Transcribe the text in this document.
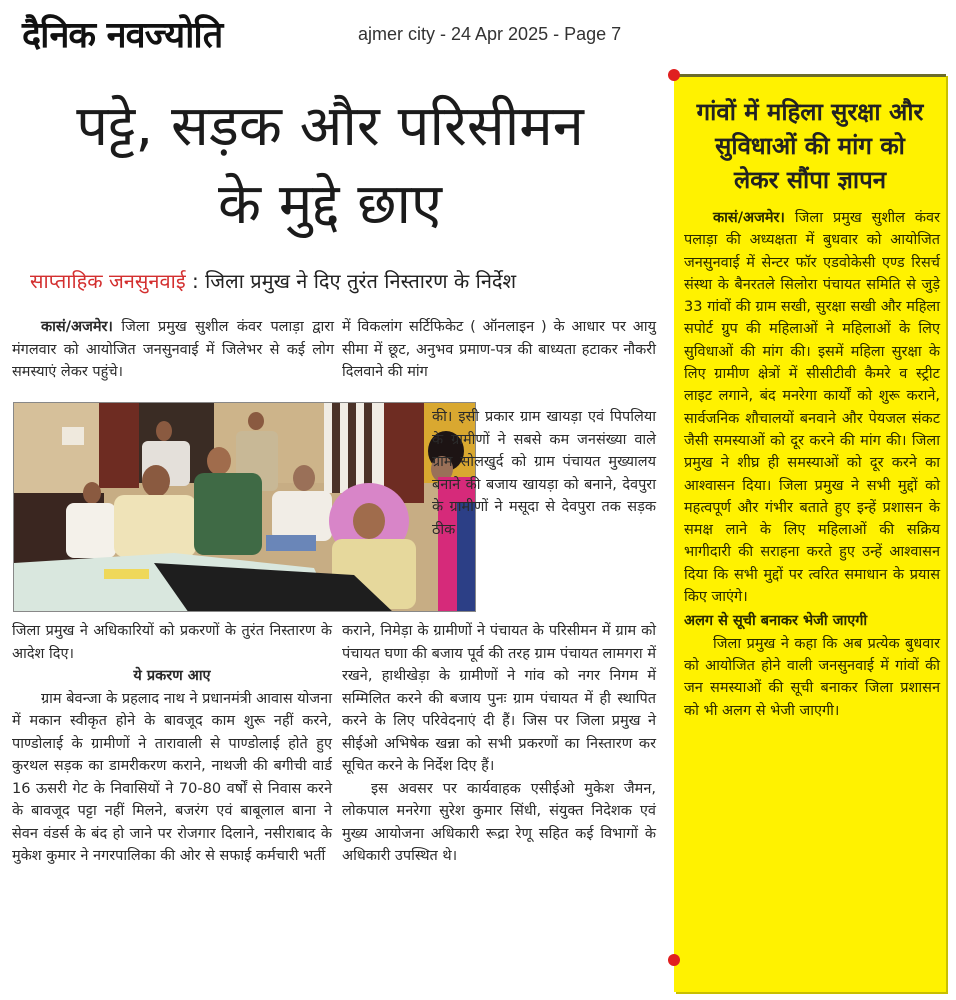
दैनिक नवज्योति	ajmer city - 24 Apr 2025 - Page 7
पट्टे, सड़क और परिसीमन
के मुद्दे छाए
साप्ताहिक जनसुनवाई : जिला प्रमुख ने दिए तुरंत निस्तारण के निर्देश

कासं/अजमेर। जिला प्रमुख सुशील कंवर पलाड़ा द्वारा मंगलवार को आयोजित जनसुनवाई में जिलेभर से कई लोग समस्याएं लेकर पहुंचे।

में विकलांग सर्टिफिकेट ( ऑनलाइन ) के आधार पर आयु सीमा में छूट, अनुभव प्रमाण-पत्र की बाध्यता हटाकर नौकरी दिलवाने की मांग

की। इसी प्रकार ग्राम खायड़ा एवं पिपलिया के ग्रामीणों ने सबसे कम जनसंख्या वाले ग्राम सोलखुर्द को ग्राम पंचायत मुख्यालय बनाने की बजाय खायड़ा को बनाने, देवपुरा के ग्रामीणों ने मसूदा से देवपुरा तक सड़क ठीक

जिला प्रमुख ने अधिकारियों को प्रकरणों के तुरंत निस्तारण के आदेश दिए।

ये प्रकरण आए

ग्राम बेवन्जा के प्रहलाद नाथ ने प्रधानमंत्री आवास योजना में मकान स्वीकृत होने के बावजूद काम शुरू नहीं करने, पाण्डोलाई के ग्रामीणों ने तारावाली से पाण्डोलाई होते हुए कुरथल सड़क का डामरीकरण कराने, नाथजी की बगीची वार्ड 16 ऊसरी गेट के निवासियों ने 70-80 वर्षों से निवास करने के बावजूद पट्टा नहीं मिलने, बजरंग एवं बाबूलाल बाना ने सेवन वंडर्स के बंद हो जाने पर रोजगार दिलाने, नसीराबाद के मुकेश कुमार ने नगरपालिका की ओर से सफाई कर्मचारी भर्ती

कराने, निमेड़ा के ग्रामीणों ने पंचायत के परिसीमन में ग्राम को पंचायत घणा की बजाय पूर्व की तरह ग्राम पंचायत लामगरा में रखने, हाथीखेड़ा के ग्रामीणों ने गांव को नगर निगम में सम्मिलित करने की बजाय पुनः ग्राम पंचायत में ही स्थापित करने के लिए परिवेदनाएं दी हैं। जिस पर जिला प्रमुख ने सीईओ अभिषेक खन्ना को सभी प्रकरणों का निस्तारण कर सूचित करने के निर्देश दिए हैं।

इस अवसर पर कार्यवाहक एसीईओ मुकेश जैमन, लोकपाल मनरेगा सुरेश कुमार सिंधी, संयुक्त निदेशक एवं मुख्य आयोजना अधिकारी रूद्रा रेणू सहित कई विभागों के अधिकारी उपस्थित थे।

गांवों में महिला सुरक्षा और
सुविधाओं की मांग को
लेकर सौंपा ज्ञापन

कासं/अजमेर। जिला प्रमुख सुशील कंवर पलाड़ा की अध्यक्षता में बुधवार को आयोजित जनसुनवाई में सेन्टर फॉर एडवोकेसी एण्ड रिसर्च संस्था के बैनरतले सिलोरा पंचायत समिति से जुड़े 33 गांवों की ग्राम सखी, सुरक्षा सखी और महिला सपोर्ट ग्रुप की महिलाओं ने महिलाओं के लिए सुविधाओं की मांग की। इसमें महिला सुरक्षा के लिए ग्रामीण क्षेत्रों में सीसीटीवी कैमरे व स्ट्रीट लाइट लगाने, बंद मनरेगा कार्यों को शुरू कराने, सार्वजनिक शौचालयों बनवाने और पेयजल संकट जैसी समस्याओं को दूर करने की मांग की। जिला प्रमुख ने शीघ्र ही समस्याओं को दूर करने का आश्वासन दिया। जिला प्रमुख ने सभी मुद्दों को महत्वपूर्ण और गंभीर बताते हुए इन्हें प्रशासन के समक्ष लाने के लिए महिलाओं की सक्रिय भागीदारी की सराहना करते हुए उन्हें आश्वासन दिया कि सभी मुद्दों पर त्वरित समाधान के प्रयास किए जाएंगे।

अलग से सूची बनाकर भेजी जाएगी

जिला प्रमुख ने कहा कि अब प्रत्येक बुधवार को आयोजित होने वाली जनसुनवाई में गांवों की जन समस्याओं की सूची बनाकर जिला प्रशासन को भी अलग से भेजी जाएगी।
